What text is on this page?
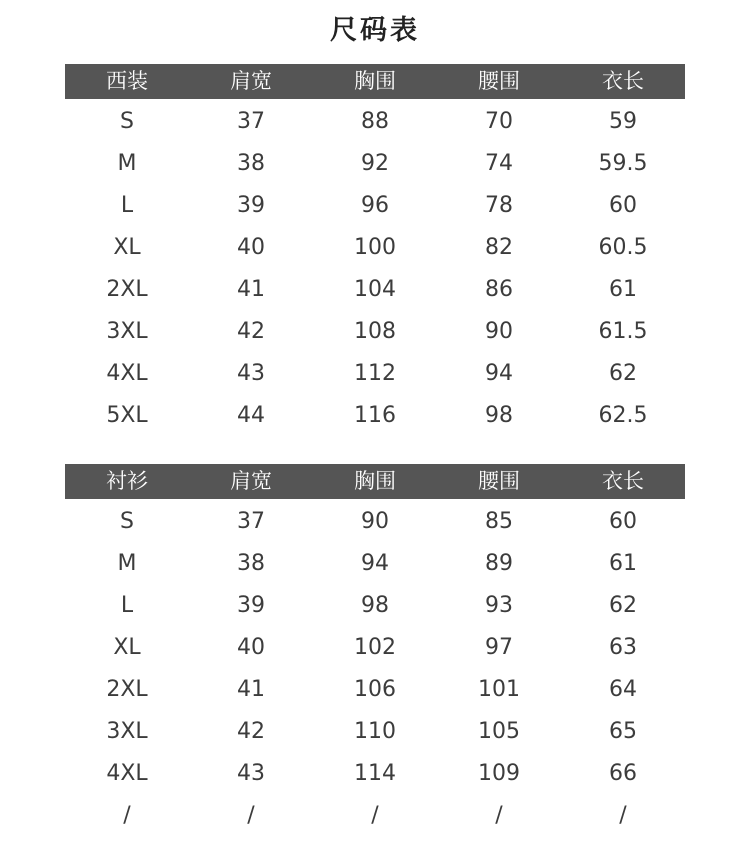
尺码表
西装	肩宽	胸围	腰围	衣长
S	37	88	70	59
M	38	92	74	59.5
L	39	96	78	60
XL	40	100	82	60.5
2XL	41	104	86	61
3XL	42	108	90	61.5
4XL	43	112	94	62
5XL	44	116	98	62.5
衬衫	肩宽	胸围	腰围	衣长
S	37	90	85	60
M	38	94	89	61
L	39	98	93	62
XL	40	102	97	63
2XL	41	106	101	64
3XL	42	110	105	65
4XL	43	114	109	66
/	/	/	/	/
